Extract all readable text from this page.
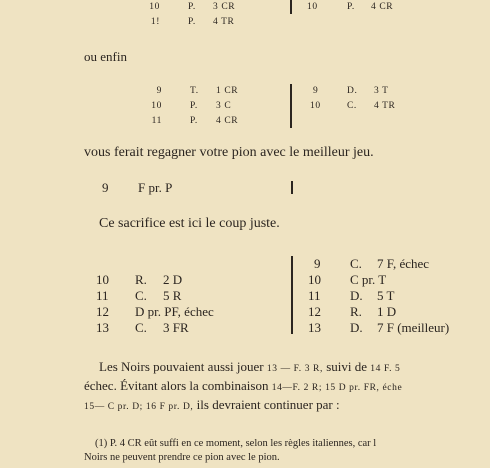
10	P. 3 CR
1!	P. 4 TR
10	P. 4 CR
ou enfin
9	T. 1 CR
10	P. 3 C
11	P. 4 CR
9	D. 3 T
10	C. 4 TR
vous ferait regagner votre pion avec le meilleur jeu.
9 F pr. P
Ce sacrifice est ici le coup juste.
9 C. 7 F, échec
10 C pr. T
11 D. 5 T
12 R. 1 D
13 D. 7 F (meilleur)
10 R. 2 D
11 C. 5 R
12 D pr. PF, échec
13 C. 3 FR
Les Noirs pouvaient aussi jouer 13 — F. 3 R, suivi de 14 F. 5
échec. Évitant alors la combinaison 14—F. 2 R; 15 D pr. FR, éche
15— C pr. D; 16 F pr. D, ils devraient continuer par :
(1) P. 4 CR eût suffi en ce moment, selon les règles italiennes, car l
Noirs ne peuvent prendre ce pion avec le pion.
